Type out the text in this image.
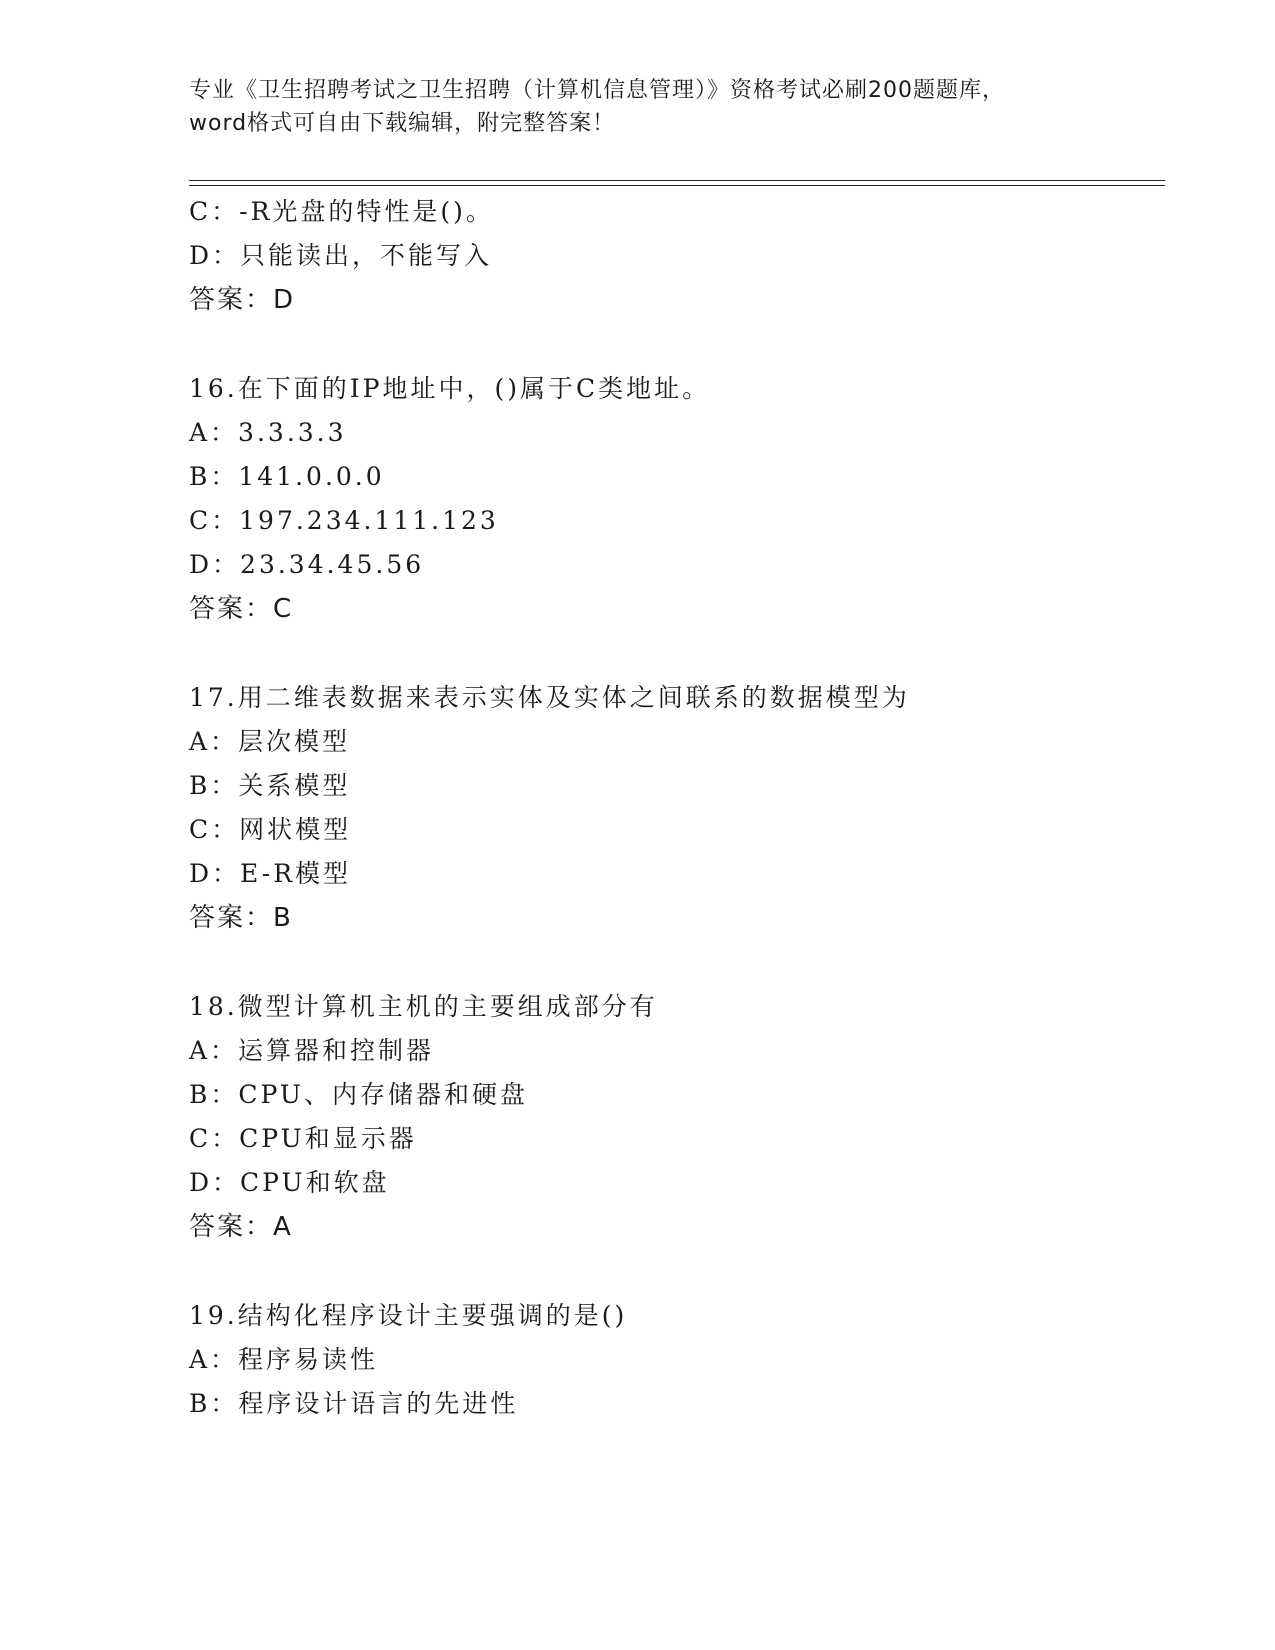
专业《卫生招聘考试之卫生招聘（计算机信息管理）》资格考试必刷200题题库，
word格式可自由下载编辑，附完整答案！
C：-R光盘的特性是()。
D：只能读出，不能写入
答案：D
16.在下面的IP地址中，()属于C类地址。
A：3.3.3.3
B：141.0.0.0
C：197.234.111.123
D：23.34.45.56
答案：C
17.用二维表数据来表示实体及实体之间联系的数据模型为
A：层次模型
B：关系模型
C：网状模型
D：E-R模型
答案：B
18.微型计算机主机的主要组成部分有
A：运算器和控制器
B：CPU、内存储器和硬盘
C：CPU和显示器
D：CPU和软盘
答案：A
19.结构化程序设计主要强调的是()
A：程序易读性
B：程序设计语言的先进性
